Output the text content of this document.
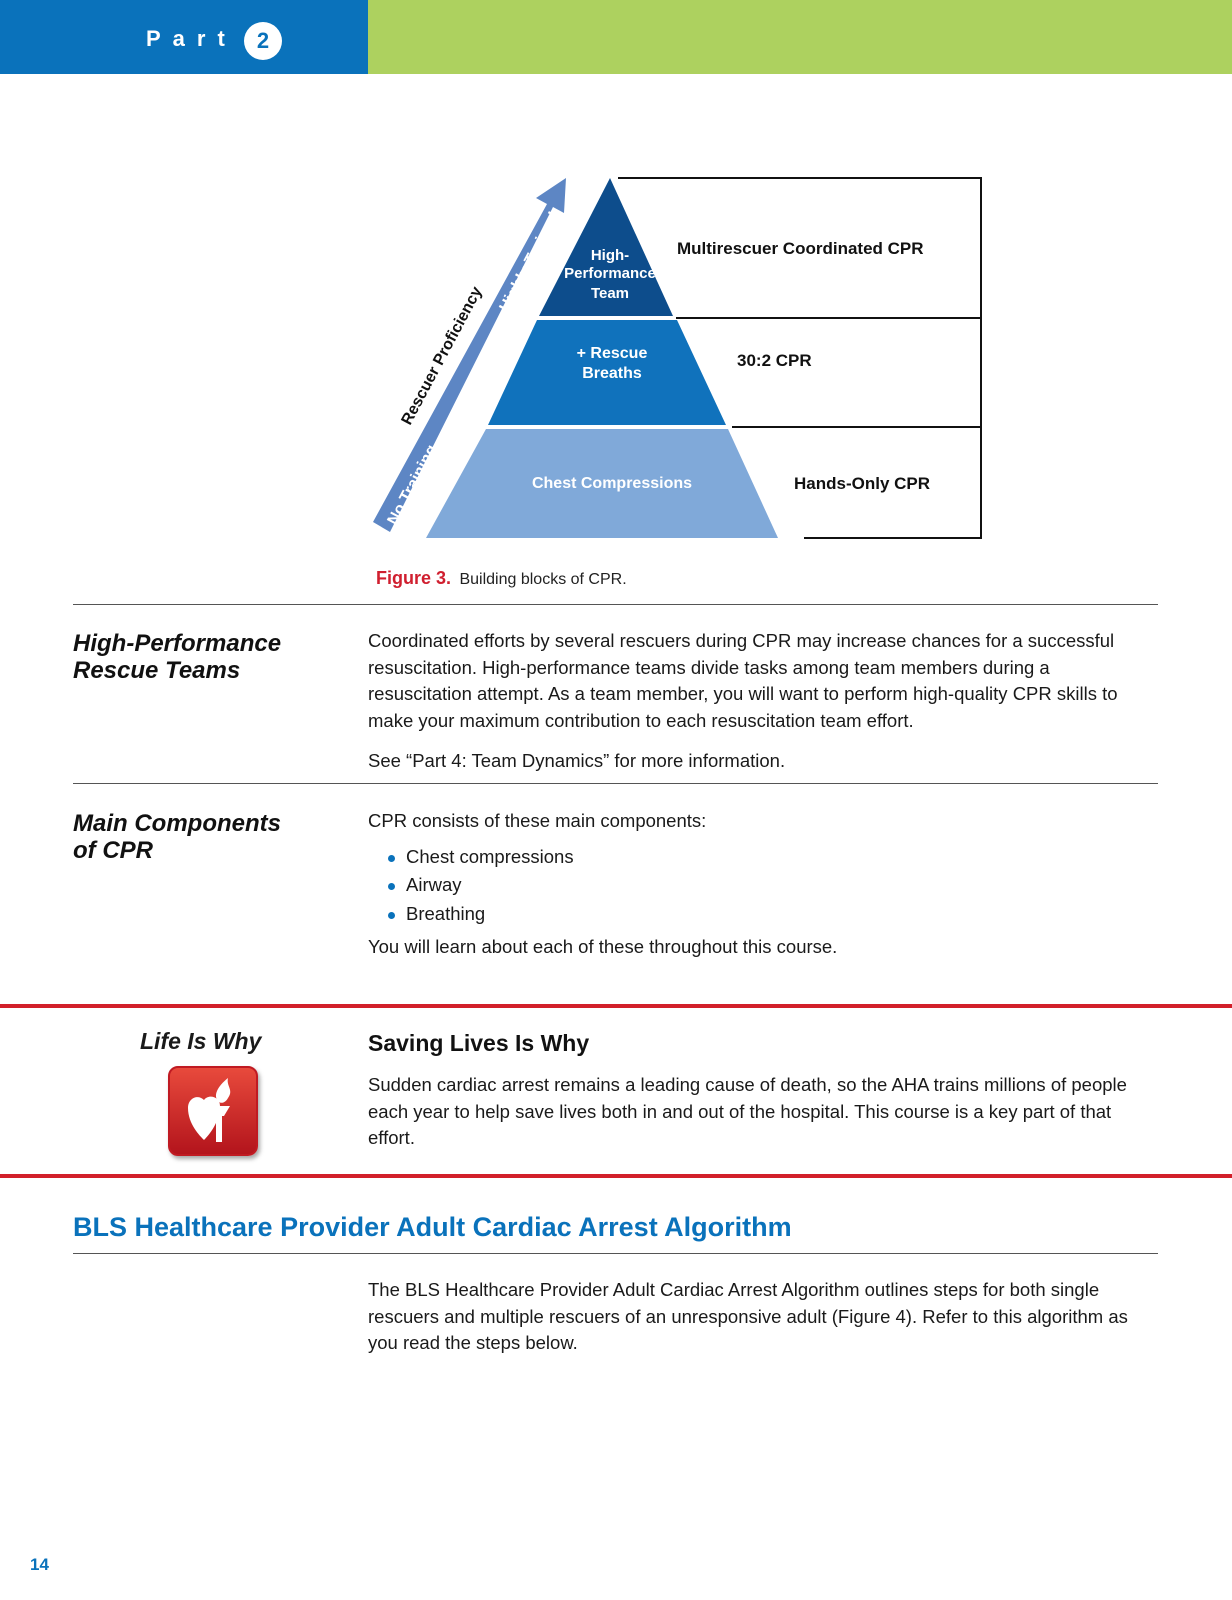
Part 2
No Training
Highly Trained
Rescuer Proficiency
High-
Performance
Team
+ Rescue
Breaths
Chest Compressions
Multirescuer Coordinated CPR
30:2 CPR
Hands-Only CPR
Figure 3. Building blocks of CPR.
High-Performance
Rescue Teams

Coordinated efforts by several rescuers during CPR may increase chances for a successful resuscitation. High-performance teams divide tasks among team members during a resuscitation attempt. As a team member, you will want to perform high-quality CPR skills to make your maximum contribution to each resuscitation team effort.

See “Part 4: Team Dynamics” for more information.

Main Components
of CPR

CPR consists of these main components:

Chest compressions
Airway
Breathing

You will learn about each of these throughout this course.

Life Is Why	Saving Lives Is Why

Sudden cardiac arrest remains a leading cause of death, so the AHA trains millions of people each year to help save lives both in and out of the hospital. This course is a key part of that effort.

BLS Healthcare Provider Adult Cardiac Arrest Algorithm

The BLS Healthcare Provider Adult Cardiac Arrest Algorithm outlines steps for both single rescuers and multiple rescuers of an unresponsive adult (Figure 4). Refer to this algorithm as you read the steps below.

14
